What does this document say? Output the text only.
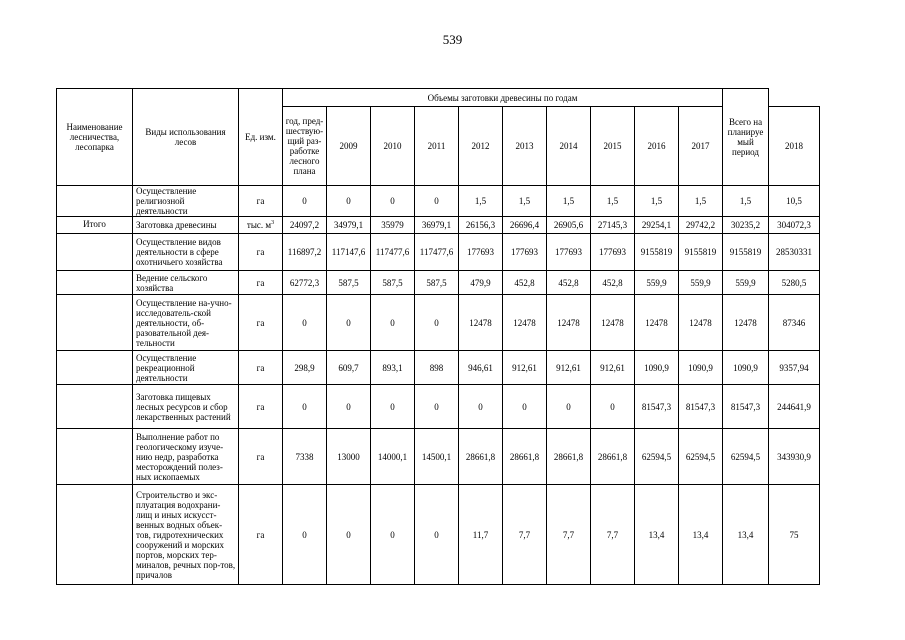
539
Наименование лесничества, лесопарка	Виды использования лесов	Ед. изм.	Объемы заготовки древесины по годам										Всего на планируе мый период	
			год, пред-шествую-щий раз-работке лесного плана	2009	2010	2011	2012	2013	2014	2015	2016	2017		2018
	Осуществление религиозной деятельности	га	0	0	0	0	1,5	1,5	1,5	1,5	1,5	1,5	1,5	10,5
Итого	Заготовка древесины	тыс. $м^3$	24097,2	34979,1	35979	36979,1	26156,3	26696,4	26905,6	27145,3	29254,1	29742,2	30235,2	304072,3
	Осуществление видов деятельности в сфере охотничьего хозяйства	га	116897,2	117147,6	117477,6	117477,6	177693	177693	177693	177693	9155819	9155819	9155819	28530331
	Ведение сельского хозяйства	га	62772,3	587,5	587,5	587,5	479,9	452,8	452,8	452,8	559,9	559,9	559,9	5280,5
	Осуществление на-учно-исследователь-ской деятельности, об-разовательной дея-тельности	га	0	0	0	0	12478	12478	12478	12478	12478	12478	12478	87346
	Осуществление рекреационной деятельности	га	298,9	609,7	893,1	898	946,61	912,61	912,61	912,61	1090,9	1090,9	1090,9	9357,94
	Заготовка пищевых лесных ресурсов и сбор лекарственных растений	га	0	0	0	0	0	0	0	0	81547,3	81547,3	81547,3	244641,9
	Выполнение работ по геологическому изуче-нию недр, разработка месторождений полез-ных ископаемых	га	7338	13000	14000,1	14500,1	28661,8	28661,8	28661,8	28661,8	62594,5	62594,5	62594,5	343930,9
	Строительство и экс-плуатация водохрани-лищ и иных искусст-венных водных объек-тов, гидротехнических сооружений и морских портов, морских тер-миналов, речных пор-тов, причалов	га	0	0	0	0	11,7	7,7	7,7	7,7	13,4	13,4	13,4	75
